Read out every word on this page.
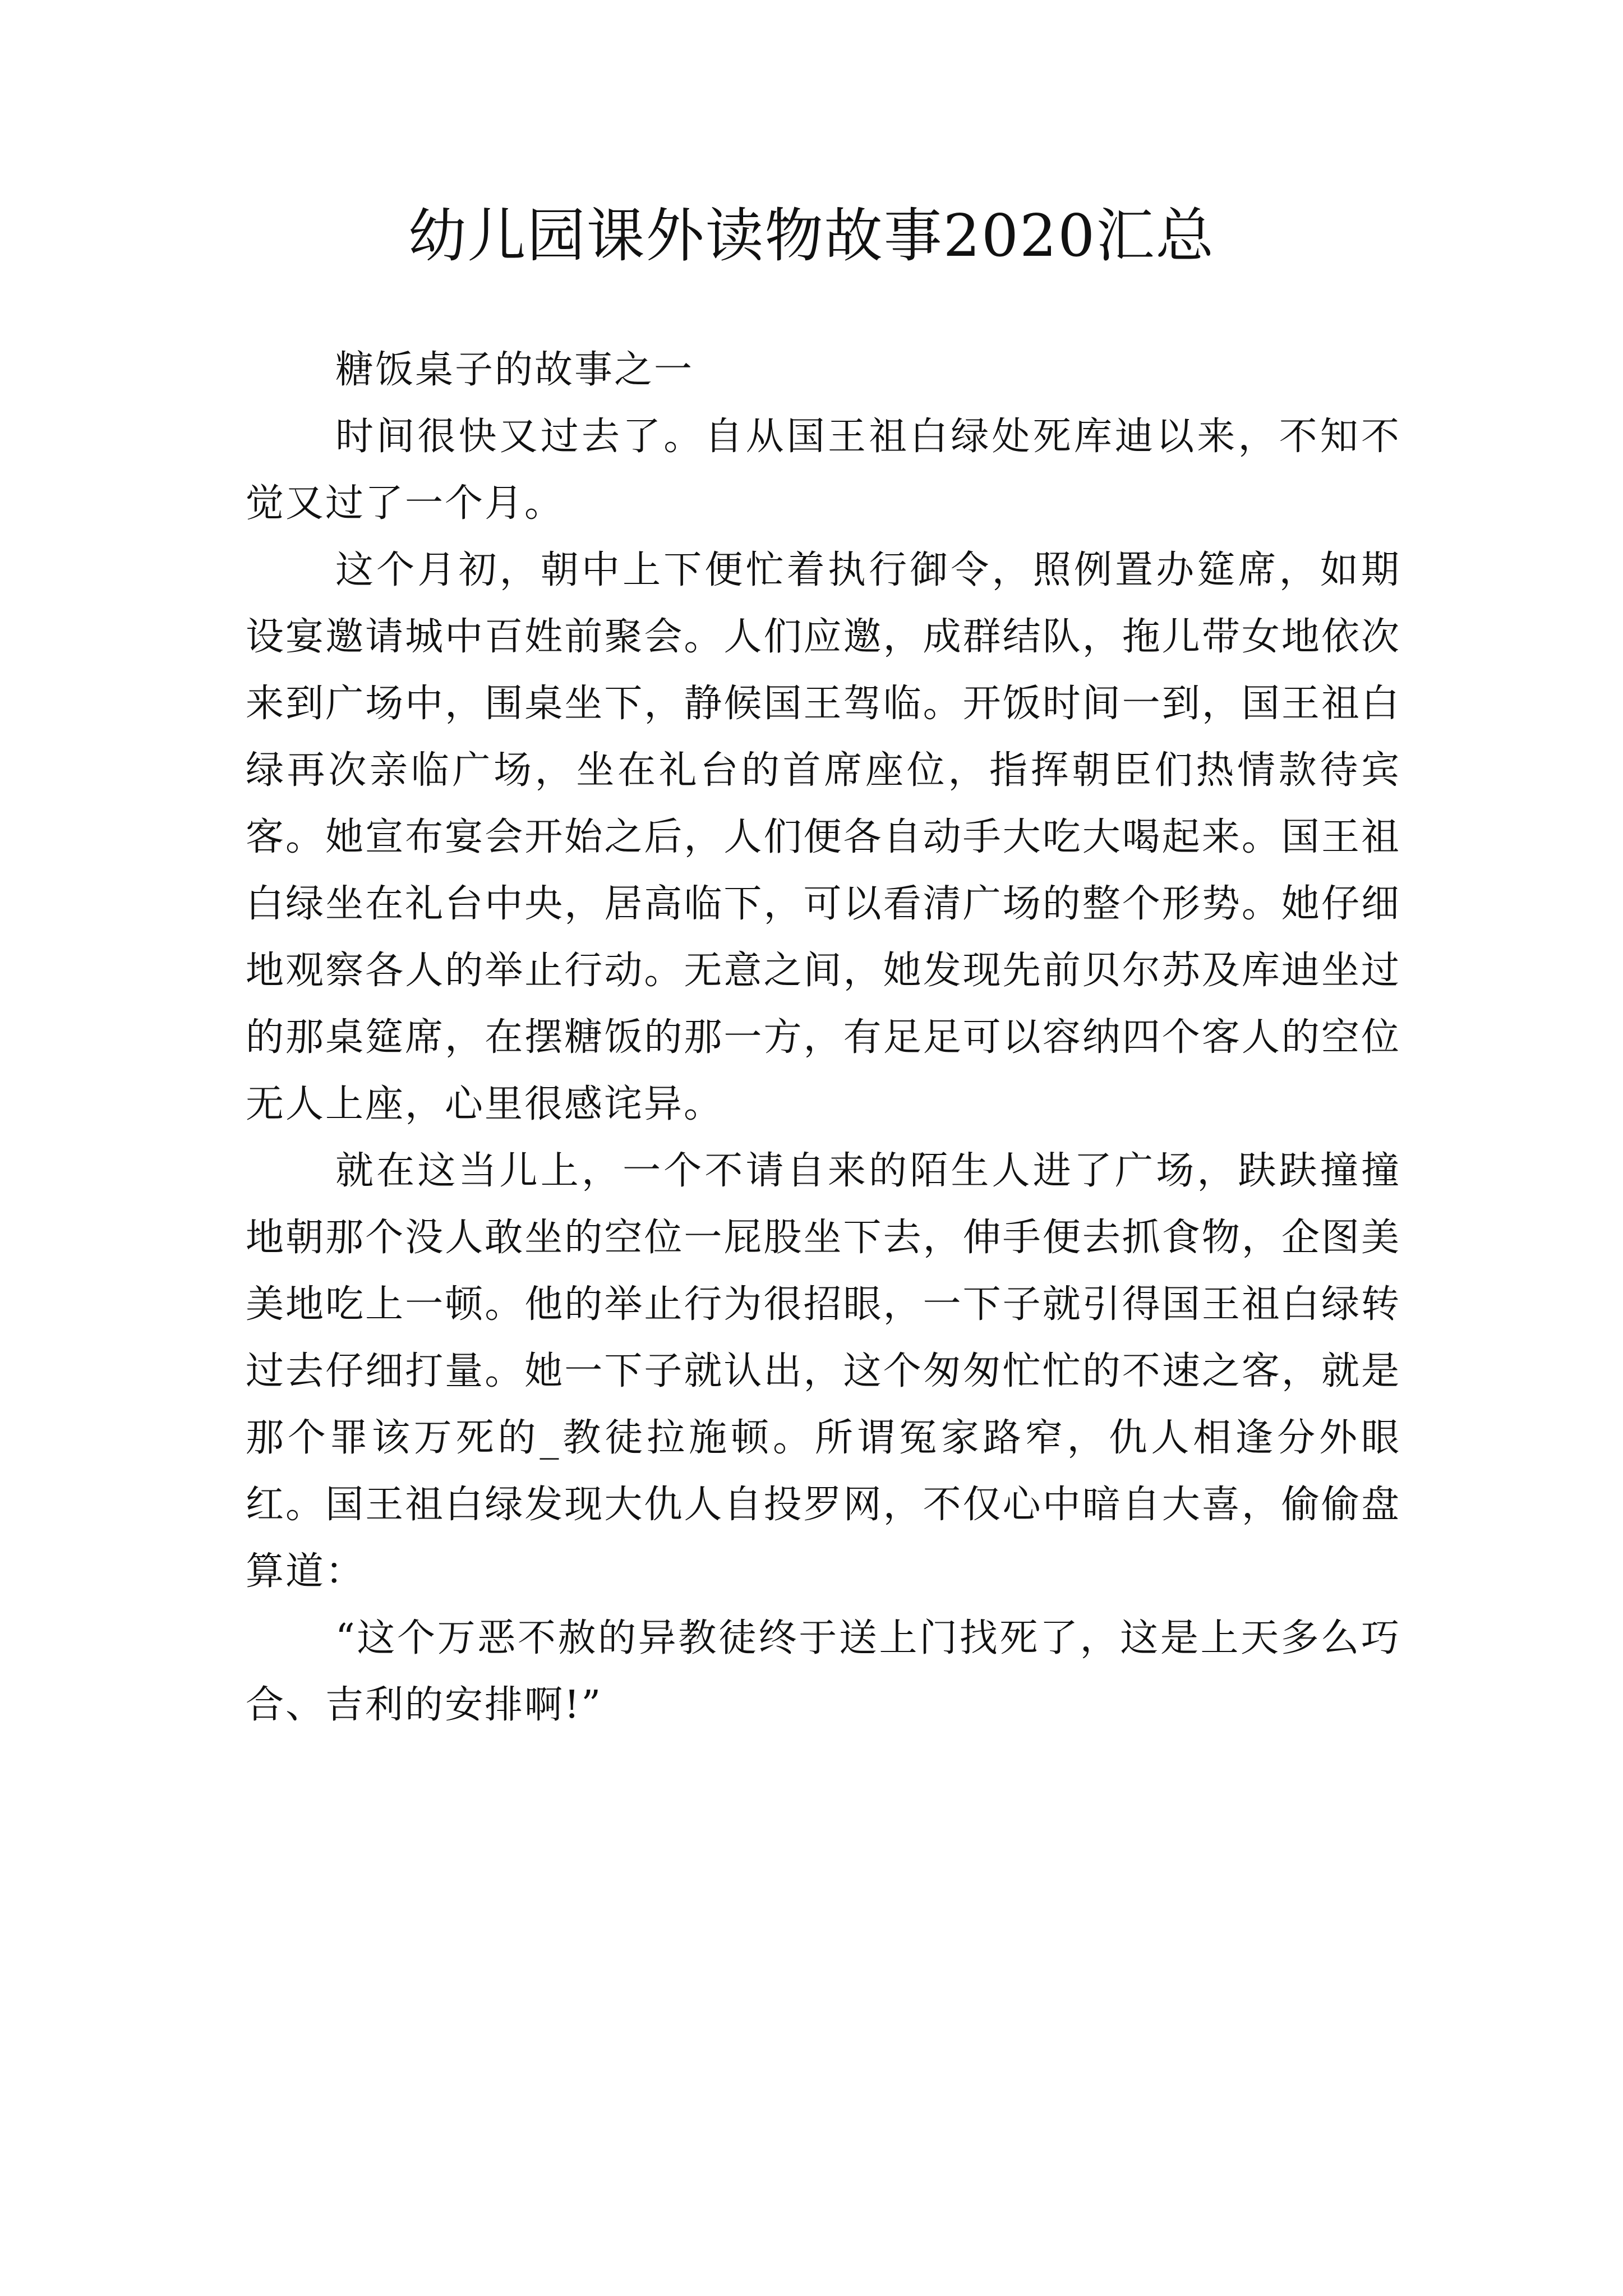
幼儿园课外读物故事2020汇总

糖饭桌子的故事之一

时间很快又过去了。自从国王祖白绿处死库迪以来，不知不觉又过了一个月。

这个月初，朝中上下便忙着执行御令，照例置办筵席，如期设宴邀请城中百姓前聚会。人们应邀，成群结队，拖儿带女地依次来到广场中，围桌坐下，静候国王驾临。开饭时间一到，国王祖白绿再次亲临广场，坐在礼台的首席座位，指挥朝臣们热情款待宾客。她宣布宴会开始之后，人们便各自动手大吃大喝起来。国王祖白绿坐在礼台中央，居高临下，可以看清广场的整个形势。她仔细地观察各人的举止行动。无意之间，她发现先前贝尔苏及库迪坐过的那桌筵席，在摆糖饭的那一方，有足足可以容纳四个客人的空位无人上座，心里很感诧异。

就在这当儿上，一个不请自来的陌生人进了广场，趺趺撞撞地朝那个没人敢坐的空位一屁股坐下去，伸手便去抓食物，企图美美地吃上一顿。他的举止行为很招眼，一下子就引得国王祖白绿转过去仔细打量。她一下子就认出，这个匆匆忙忙的不速之客，就是那个罪该万死的_教徒拉施顿。所谓冤家路窄，仇人相逢分外眼红。国王祖白绿发现大仇人自投罗网，不仅心中暗自大喜，偷偷盘算道：

“这个万恶不赦的异教徒终于送上门找死了，这是上天多么巧合、吉利的安排啊!”
